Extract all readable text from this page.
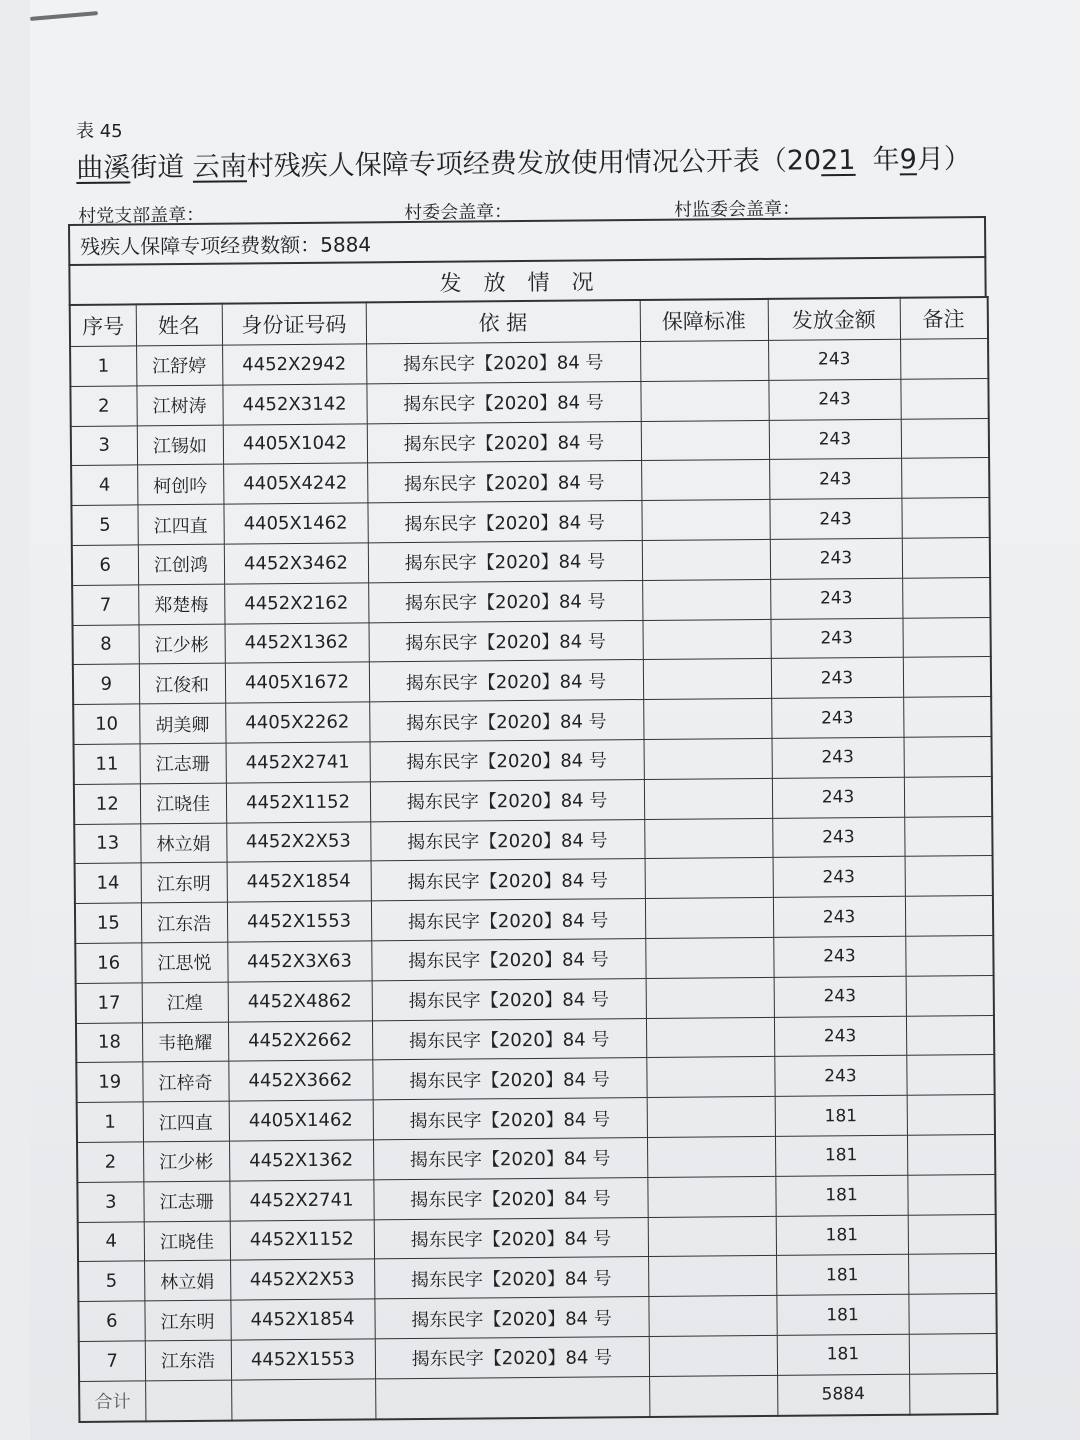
表 45
曲溪街道 云南村残疾人保障专项经费发放使用情况公开表（2021 年9月）
村党支部盖章：	村委会盖章：	村监委会盖章：
残疾人保障专项经费数额：5884
发放情况
序号	姓名	身份证号码	依 据	保障标准	发放金额	备注
1	江舒婷	4452X2942	揭东民字【2020】84 号		243	
2	江树涛	4452X3142	揭东民字【2020】84 号		243	
3	江锡如	4405X1042	揭东民字【2020】84 号		243	
4	柯创吟	4405X4242	揭东民字【2020】84 号		243	
5	江四直	4405X1462	揭东民字【2020】84 号		243	
6	江创鸿	4452X3462	揭东民字【2020】84 号		243	
7	郑楚梅	4452X2162	揭东民字【2020】84 号		243	
8	江少彬	4452X1362	揭东民字【2020】84 号		243	
9	江俊和	4405X1672	揭东民字【2020】84 号		243	
10	胡美卿	4405X2262	揭东民字【2020】84 号		243	
11	江志珊	4452X2741	揭东民字【2020】84 号		243	
12	江晓佳	4452X1152	揭东民字【2020】84 号		243	
13	林立娟	4452X2X53	揭东民字【2020】84 号		243	
14	江东明	4452X1854	揭东民字【2020】84 号		243	
15	江东浩	4452X1553	揭东民字【2020】84 号		243	
16	江思悦	4452X3X63	揭东民字【2020】84 号		243	
17	江煌	4452X4862	揭东民字【2020】84 号		243	
18	韦艳耀	4452X2662	揭东民字【2020】84 号		243	
19	江梓奇	4452X3662	揭东民字【2020】84 号		243	
1	江四直	4405X1462	揭东民字【2020】84 号		181	
2	江少彬	4452X1362	揭东民字【2020】84 号		181	
3	江志珊	4452X2741	揭东民字【2020】84 号		181	
4	江晓佳	4452X1152	揭东民字【2020】84 号		181	
5	林立娟	4452X2X53	揭东民字【2020】84 号		181	
6	江东明	4452X1854	揭东民字【2020】84 号		181	
7	江东浩	4452X1553	揭东民字【2020】84 号		181	
合计					5884	
